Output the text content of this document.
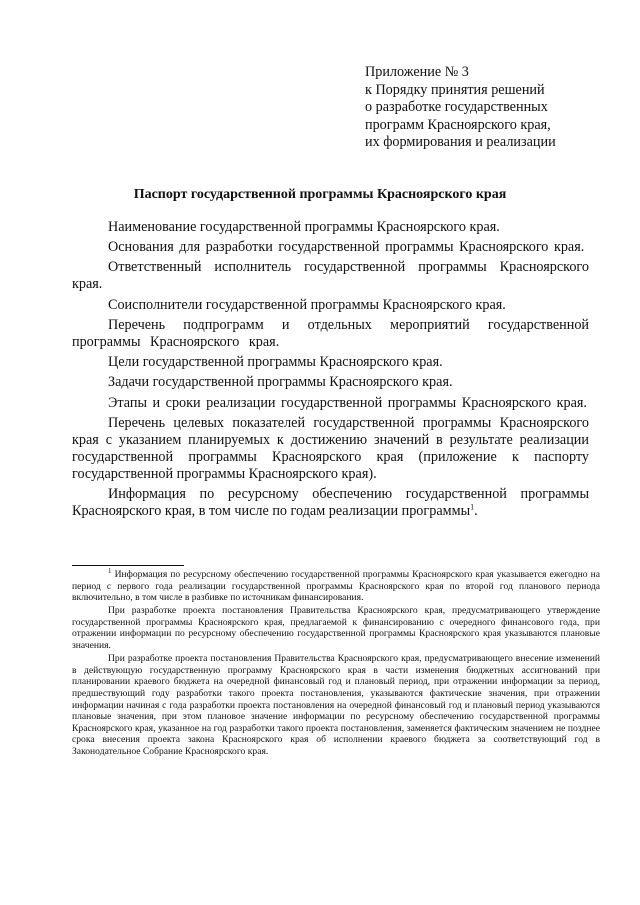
Приложение № 3
к Порядку принятия решений
о разработке государственных
программ Красноярского края,
их формирования и реализации
Паспорт государственной программы Красноярского края

Наименование государственной программы Красноярского края.

Основания для разработки государственной программы Красноярского края.

Ответственный исполнитель государственной программы Красноярского края.

Соисполнители государственной программы Красноярского края.

Перечень подпрограмм и отдельных мероприятий государственной программы Красноярского края.

Цели государственной программы Красноярского края.

Задачи государственной программы Красноярского края.

Этапы и сроки реализации государственной программы Красноярского края.

Перечень целевых показателей государственной программы Красноярского края с указанием планируемых к достижению значений в результате реализации государственной программы Красноярского края (приложение к паспорту государственной программы Красноярского края).

Информация по ресурсному обеспечению государственной программы Красноярского края, в том числе по годам реализации программы$^1$.

$^1$ Информация по ресурсному обеспечению государственной программы Красноярского края указывается ежегодно на период с первого года реализации государственной программы Красноярского края по второй год планового периода включительно, в том числе в разбивке по источникам финансирования.

При разработке проекта постановления Правительства Красноярского края, предусматривающего утверждение государственной программы Красноярского края, предлагаемой к финансированию с очередного финансового года, при отражении информации по ресурсному обеспечению государственной программы Красноярского края указываются плановые значения.

При разработке проекта постановления Правительства Красноярского края, предусматривающего внесение изменений в действующую государственную программу Красноярского края в части изменения бюджетных ассигнований при планировании краевого бюджета на очередной финансовый год и плановый период, при отражении информации за период, предшествующий году разработки такого проекта постановления, указываются фактические значения, при отражении информации начиная с года разработки проекта постановления на очередной финансовый год и плановый период указываются плановые значения, при этом плановое значение информации по ресурсному обеспечению государственной программы Красноярского края, указанное на год разработки такого проекта постановления, заменяется фактическим значением не позднее срока внесения проекта закона Красноярского края об исполнении краевого бюджета за соответствующий год в Законодательное Собрание Красноярского края.
